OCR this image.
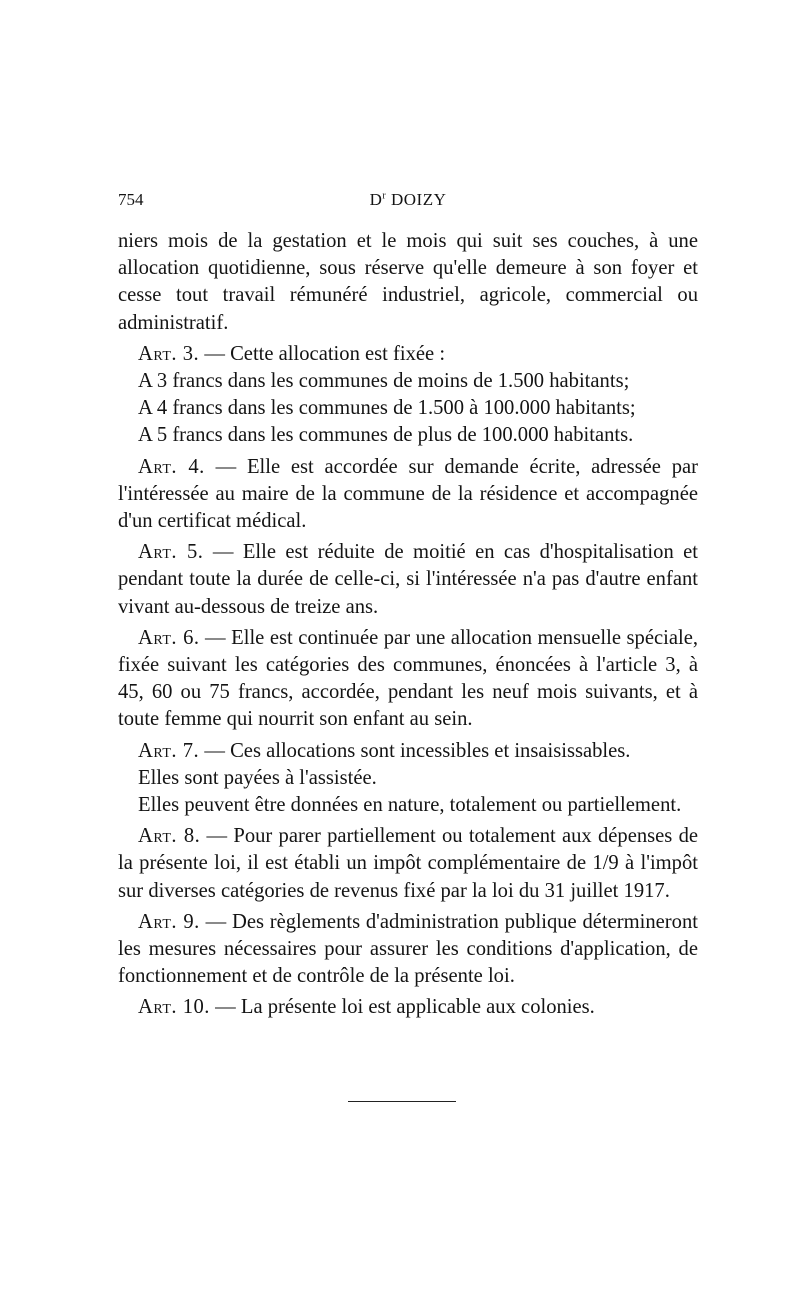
754	$D^r$ DOIZY

niers mois de la gestation et le mois qui suit ses couches, à une allocation quotidienne, sous réserve qu'elle demeure à son foyer et cesse tout travail rémunéré industriel, agricole, commercial ou administratif.

Art. 3. — Cette allocation est fixée :

A 3 francs dans les communes de moins de 1.500 habitants;

A 4 francs dans les communes de 1.500 à 100.000 habitants;

A 5 francs dans les communes de plus de 100.000 habitants.

Art. 4. — Elle est accordée sur demande écrite, adressée par l'intéressée au maire de la commune de la résidence et accompagnée d'un certificat médical.

Art. 5. — Elle est réduite de moitié en cas d'hospitalisation et pendant toute la durée de celle-ci, si l'intéressée n'a pas d'autre enfant vivant au-dessous de treize ans.

Art. 6. — Elle est continuée par une allocation mensuelle spéciale, fixée suivant les catégories des communes, énoncées à l'article 3, à 45, 60 ou 75 francs, accordée, pendant les neuf mois suivants, et à toute femme qui nourrit son enfant au sein.

Art. 7. — Ces allocations sont incessibles et insaisissables.

Elles sont payées à l'assistée.

Elles peuvent être données en nature, totalement ou partiellement.

Art. 8. — Pour parer partiellement ou totalement aux dépenses de la présente loi, il est établi un impôt complémentaire de 1/9 à l'impôt sur diverses catégories de revenus fixé par la loi du 31 juillet 1917.

Art. 9. — Des règlements d'administration publique détermineront les mesures nécessaires pour assurer les conditions d'application, de fonctionnement et de contrôle de la présente loi.

Art. 10. — La présente loi est applicable aux colonies.
